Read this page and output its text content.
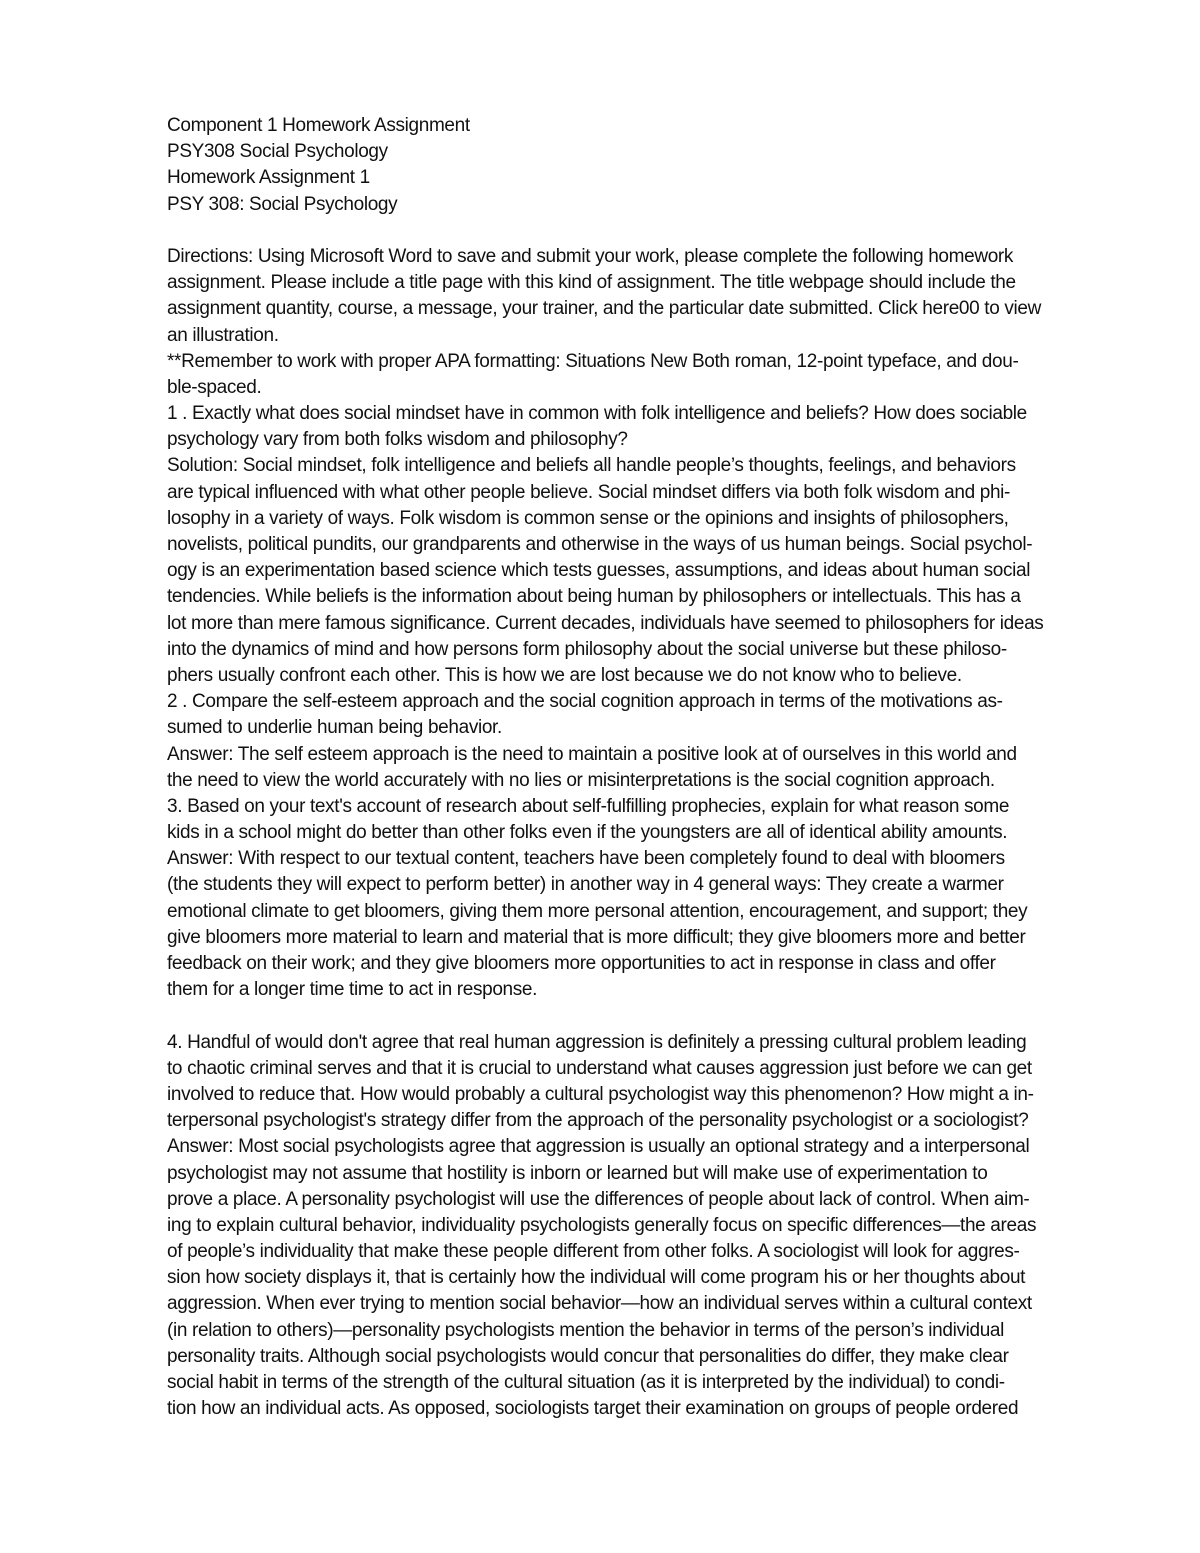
Component 1 Homework Assignment
PSY308 Social Psychology
Homework Assignment 1
PSY 308: Social Psychology
Directions: Using Microsoft Word to save and submit your work, please complete the following homework
assignment. Please include a title page with this kind of assignment. The title webpage should include the
assignment quantity, course, a message, your trainer, and the particular date submitted. Click here00 to view
an illustration.
**Remember to work with proper APA formatting: Situations New Both roman, 12-point typeface, and dou-
ble-spaced.
1 . Exactly what does social mindset have in common with folk intelligence and beliefs? How does sociable
psychology vary from both folks wisdom and philosophy?
Solution: Social mindset, folk intelligence and beliefs all handle people’s thoughts, feelings, and behaviors
are typical influenced with what other people believe. Social mindset differs via both folk wisdom and phi-
losophy in a variety of ways. Folk wisdom is common sense or the opinions and insights of philosophers,
novelists, political pundits, our grandparents and otherwise in the ways of us human beings. Social psychol-
ogy is an experimentation based science which tests guesses, assumptions, and ideas about human social
tendencies. While beliefs is the information about being human by philosophers or intellectuals. This has a
lot more than mere famous significance. Current decades, individuals have seemed to philosophers for ideas
into the dynamics of mind and how persons form philosophy about the social universe but these philoso-
phers usually confront each other. This is how we are lost because we do not know who to believe.
2 . Compare the self-esteem approach and the social cognition approach in terms of the motivations as-
sumed to underlie human being behavior.
Answer: The self esteem approach is the need to maintain a positive look at of ourselves in this world and
the need to view the world accurately with no lies or misinterpretations is the social cognition approach.
3. Based on your text's account of research about self-fulfilling prophecies, explain for what reason some
kids in a school might do better than other folks even if the youngsters are all of identical ability amounts.
Answer: With respect to our textual content, teachers have been completely found to deal with bloomers
(the students they will expect to perform better) in another way in 4 general ways: They create a warmer
emotional climate to get bloomers, giving them more personal attention, encouragement, and support; they
give bloomers more material to learn and material that is more difficult; they give bloomers more and better
feedback on their work; and they give bloomers more opportunities to act in response in class and offer
them for a longer time time to act in response.
4. Handful of would don't agree that real human aggression is definitely a pressing cultural problem leading
to chaotic criminal serves and that it is crucial to understand what causes aggression just before we can get
involved to reduce that. How would probably a cultural psychologist way this phenomenon? How might a in-
terpersonal psychologist's strategy differ from the approach of the personality psychologist or a sociologist?
Answer: Most social psychologists agree that aggression is usually an optional strategy and a interpersonal
psychologist may not assume that hostility is inborn or learned but will make use of experimentation to
prove a place. A personality psychologist will use the differences of people about lack of control. When aim-
ing to explain cultural behavior, individuality psychologists generally focus on specific differences—the areas
of people’s individuality that make these people different from other folks. A sociologist will look for aggres-
sion how society displays it, that is certainly how the individual will come program his or her thoughts about
aggression. When ever trying to mention social behavior—how an individual serves within a cultural context
(in relation to others)—personality psychologists mention the behavior in terms of the person’s individual
personality traits. Although social psychologists would concur that personalities do differ, they make clear
social habit in terms of the strength of the cultural situation (as it is interpreted by the individual) to condi-
tion how an individual acts. As opposed, sociologists target their examination on groups of people ordered
